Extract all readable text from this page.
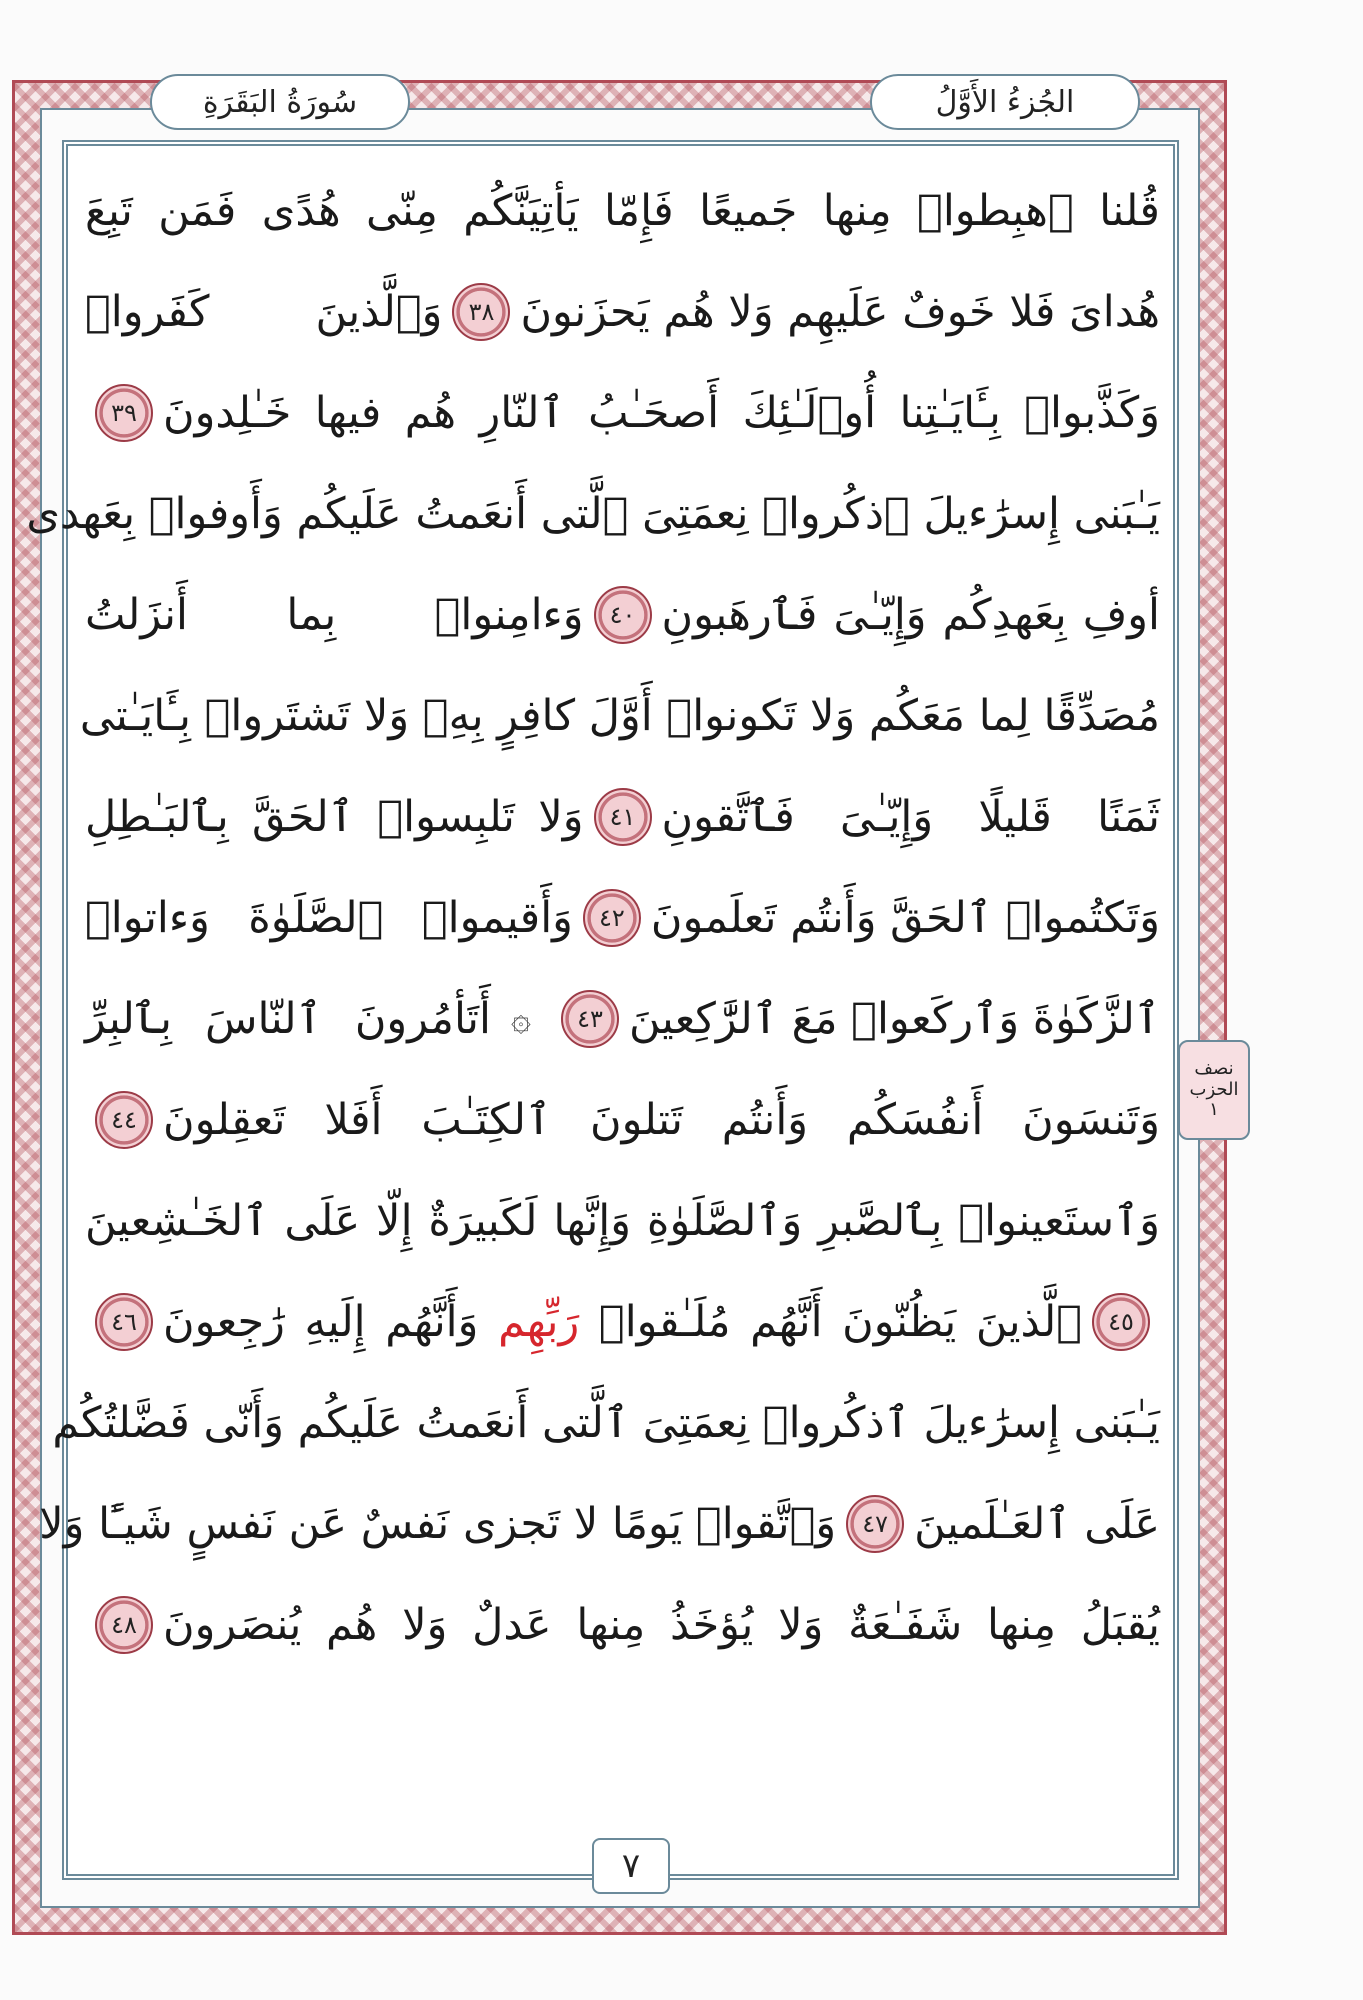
سُورَةُ البَقَرَةِ	الجُزءُ الأَوَّلُ
قُلنا ٱهبِطوا۟ مِنها جَميعًا فَإِمّا يَأتِيَنَّكُم مِنّى هُدًى فَمَن تَبِعَ
هُداىَ فَلا خَوفٌ عَلَيهِم وَلا هُم يَحزَنونَ
٣٨
وَٱلَّذينَ كَفَروا۟
وَكَذَّبوا۟ بِـَٔايَـٰتِنا أُو۟لَـٰئِكَ أَصحَـٰبُ ٱلنّارِ هُم فيها خَـٰلِدونَ
٣٩
يَـٰبَنى إِسرَٰءيلَ ٱذكُروا۟ نِعمَتِىَ ٱلَّتى أَنعَمتُ عَلَيكُم وَأَوفوا۟ بِعَهدى
أوفِ بِعَهدِكُم وَإِيّـٰىَ فَٱرهَبونِ
٤٠
وَءامِنوا۟ بِما أَنزَلتُ
مُصَدِّقًا لِما مَعَكُم وَلا تَكونوا۟ أَوَّلَ كافِرٍ بِهِۦ وَلا تَشتَروا۟ بِـَٔايَـٰتى
ثَمَنًا قَليلًا وَإِيّـٰىَ فَٱتَّقونِ
٤١
وَلا تَلبِسوا۟ ٱلحَقَّ بِٱلبَـٰطِلِ
وَتَكتُموا۟ ٱلحَقَّ وَأَنتُم تَعلَمونَ
٤٢
وَأَقيموا۟ ٱلصَّلَوٰةَ وَءاتوا۟
ٱلزَّكَوٰةَ وَٱركَعوا۟ مَعَ ٱلرَّٰكِعينَ
٤٣
۞
أَتَأمُرونَ ٱلنّاسَ بِٱلبِرِّ
وَتَنسَونَ أَنفُسَكُم وَأَنتُم تَتلونَ ٱلكِتَـٰبَ أَفَلا تَعقِلونَ
٤٤
وَٱستَعينوا۟ بِٱلصَّبرِ وَٱلصَّلَوٰةِ وَإِنَّها لَكَبيرَةٌ إِلّا عَلَى ٱلخَـٰشِعينَ
٤٥
ٱلَّذينَ يَظُنّونَ أَنَّهُم مُلَـٰقوا۟ رَبِّهِم وَأَنَّهُم إِلَيهِ رَٰجِعونَ
٤٦
يَـٰبَنى إِسرَٰءيلَ ٱذكُروا۟ نِعمَتِىَ ٱلَّتى أَنعَمتُ عَلَيكُم وَأَنّى فَضَّلتُكُم
عَلَى ٱلعَـٰلَمينَ
٤٧
وَٱتَّقوا۟ يَومًا لا تَجزى نَفسٌ عَن نَفسٍ شَيـًٔا وَلا
يُقبَلُ مِنها شَفَـٰعَةٌ وَلا يُؤخَذُ مِنها عَدلٌ وَلا هُم يُنصَرونَ
٤٨
نصف
الحزب
١
٧
